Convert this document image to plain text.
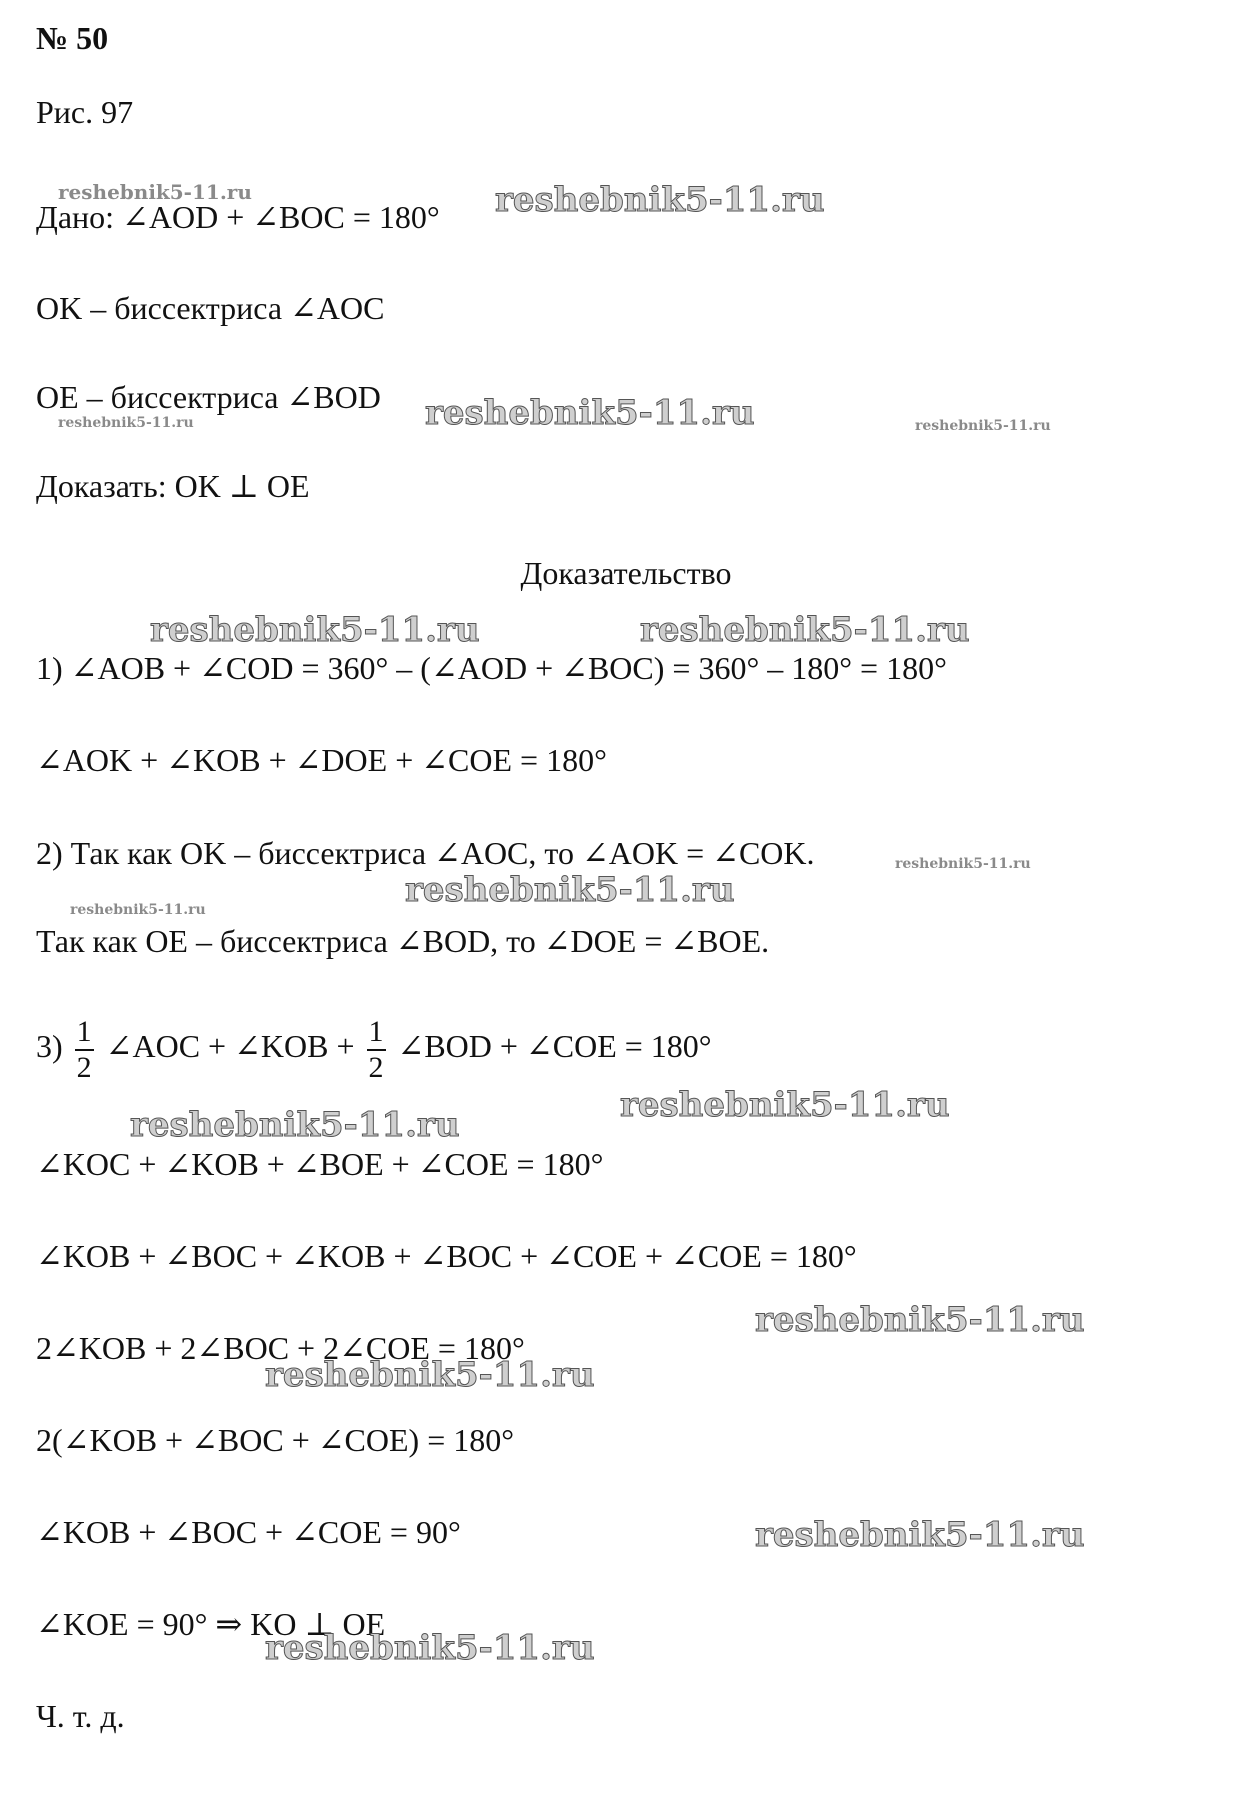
№ 50
Рис. 97
Дано: ∠AOD + ∠BOC = 180°
OK – биссектриса ∠AOC
OE – биссектриса ∠BOD
Доказать: OK ⊥ OE
Доказательство
1) ∠AOB + ∠COD = 360° – (∠AOD + ∠BOC) = 360° – 180° = 180°
∠AOK + ∠KOB + ∠DOE + ∠COE = 180°
2) Так как OK – биссектриса ∠AOC, то ∠AOK = ∠COK.
Так как OE – биссектриса ∠BOD, то ∠DOE = ∠BOE.
$3) \frac{1}{2}$ ∠AOC + ∠KOB + $\frac{1}{2}$ ∠BOD + ∠COE = 180°
∠KOC + ∠KOB + ∠BOE + ∠COE = 180°
∠KOB + ∠BOC + ∠KOB + ∠BOC + ∠COE + ∠COE = 180°
2∠KOB + 2∠BOC + 2∠COE = 180°
2(∠KOB + ∠BOC + ∠COE) = 180°
∠KOB + ∠BOC + ∠COE = 90°
∠KOE = 90° ⇒ KO ⊥ OE
Ч. т. д.
reshebnik5-11.ru	reshebnik5-11.ru
reshebnik5-11.ru	reshebnik5-11.ru	reshebnik5-11.ru
reshebnik5-11.ru	reshebnik5-11.ru
reshebnik5-11.ru
reshebnik5-11.ru
reshebnik5-11.ru
reshebnik5-11.ru
reshebnik5-11.ru
reshebnik5-11.ru
reshebnik5-11.ru
reshebnik5-11.ru
reshebnik5-11.ru
